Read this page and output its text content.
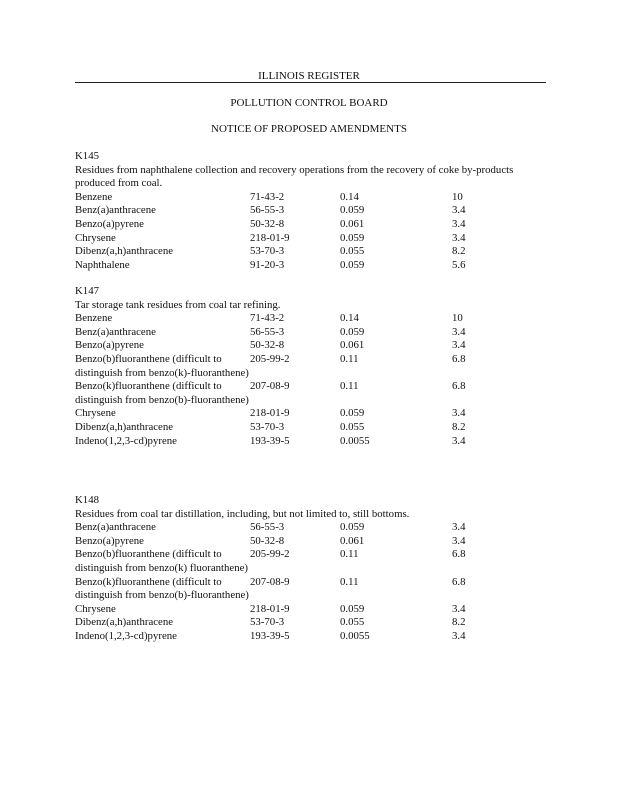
ILLINOIS REGISTER
POLLUTION CONTROL BOARD
NOTICE OF PROPOSED AMENDMENTS
K145
Residues from naphthalene collection and recovery operations from the recovery of coke by-products produced from coal.
Benzene	71-43-2	0.14	10
Benz(a)anthracene	56-55-3	0.059	3.4
Benzo(a)pyrene	50-32-8	0.061	3.4
Chrysene	218-01-9	0.059	3.4
Dibenz(a,h)anthracene	53-70-3	0.055	8.2
Naphthalene	91-20-3	0.059	5.6
K147
Tar storage tank residues from coal tar refining.
Benzene	71-43-2	0.14	10
Benz(a)anthracene	56-55-3	0.059	3.4
Benzo(a)pyrene	50-32-8	0.061	3.4
Benzo(b)fluoranthene (difficult to distinguish from benzo(k)-fluoranthene)
205-99-2	0.11	6.8
Benzo(k)fluoranthene (difficult to distinguish from benzo(b)-fluoranthene)
207-08-9	0.11	6.8
Chrysene	218-01-9	0.059	3.4
Dibenz(a,h)anthracene	53-70-3	0.055	8.2
Indeno(1,2,3-cd)pyrene	193-39-5	0.0055	3.4
K148
Residues from coal tar distillation, including, but not limited to, still bottoms.
Benz(a)anthracene	56-55-3	0.059	3.4
Benzo(a)pyrene	50-32-8	0.061	3.4
Benzo(b)fluoranthene (difficult to distinguish from benzo(k) fluoranthene)
205-99-2	0.11	6.8
Benzo(k)fluoranthene (difficult to distinguish from benzo(b)-fluoranthene)
207-08-9	0.11	6.8
Chrysene	218-01-9	0.059	3.4
Dibenz(a,h)anthracene	53-70-3	0.055	8.2
Indeno(1,2,3-cd)pyrene	193-39-5	0.0055	3.4
